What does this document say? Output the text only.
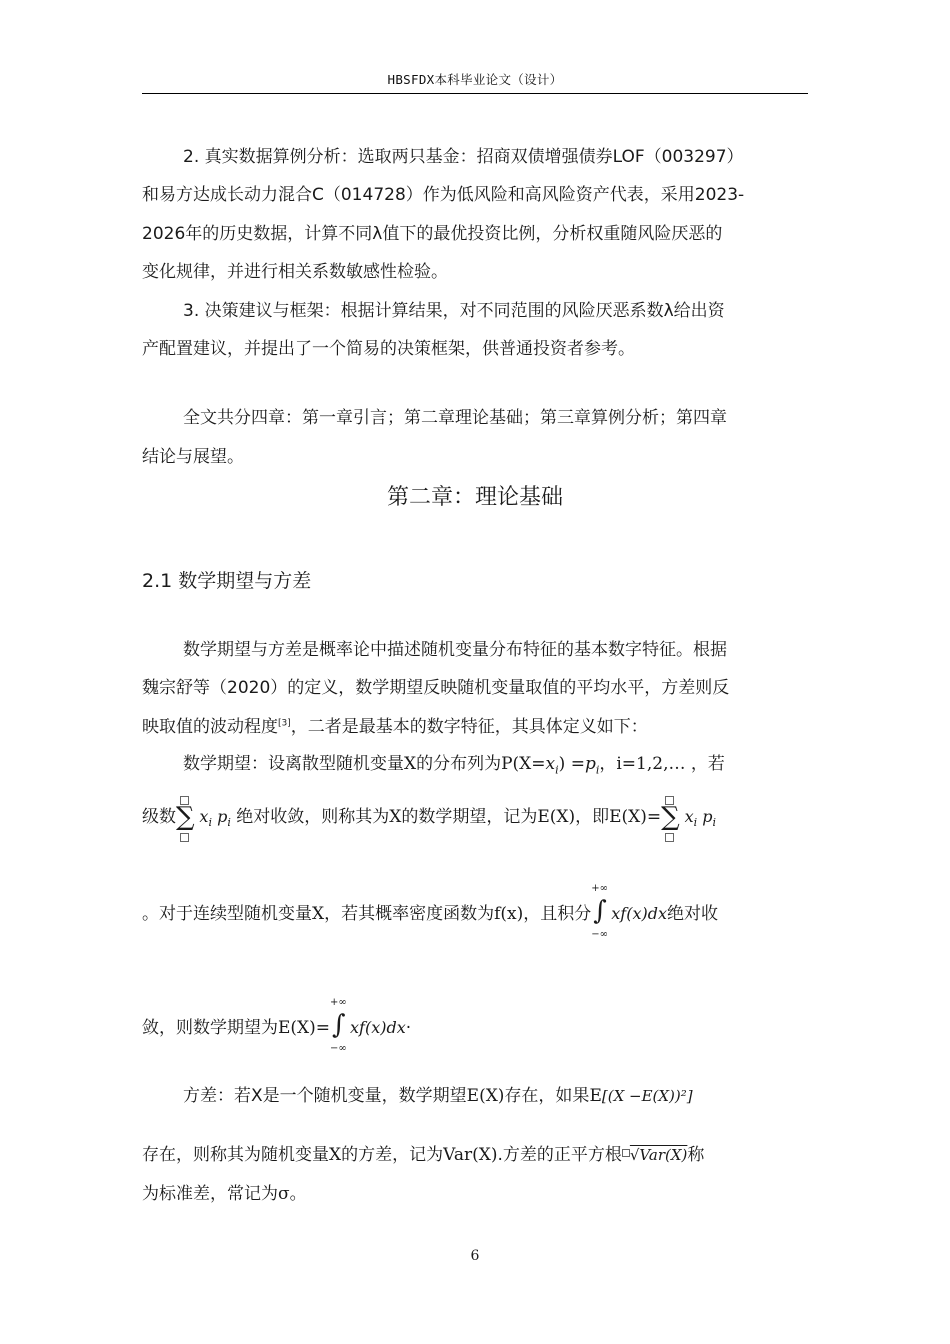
HBSFDX本科毕业论文（设计）
2. 真实数据算例分析：选取两只基金：招商双债增强债券LOF（003297）
和易方达成长动力混合C（014728）作为低风险和高风险资产代表，采用2023-
2026年的历史数据，计算不同λ值下的最优投资比例，分析权重随风险厌恶的
变化规律，并进行相关系数敏感性检验。
3. 决策建议与框架：根据计算结果，对不同范围的风险厌恶系数λ给出资
产配置建议，并提出了一个简易的决策框架，供普通投资者参考。
全文共分四章：第一章引言；第二章理论基础；第三章算例分析；第四章
结论与展望。
第二章：理论基础
2.1 数学期望与方差
数学期望与方差是概率论中描述随机变量分布特征的基本数字特征。根据
魏宗舒等（2020）的定义，数学期望反映随机变量取值的平均水平，方差则反
映取值的波动程度[3]，二者是最基本的数字特征，其具体定义如下：
数学期望：设离散型随机变量X的分布列为$P(X=x_i) =p_i$，i=1,2,… ，若
级数 ∑ $x_i$ $p_i$ 绝对收敛，则称其为X的数学期望，记为E(X)，即E(X)= ∑ $x_i$ $p_i$
。对于连续型随机变量X，若其概率密度函数为f(x)，且积分
+∞
∫
−∞
xf(x)dx绝对收
敛，则数学期望为E(X)=
+∞
∫
−∞
xf(x)dx·
方差：若X是一个随机变量，数学期望E(X)存在，如果E[(X −E(X))²]
存在，则称其为随机变量X的方差，记为Var(X).方差的正平方根 √Var(X)称
为标准差，常记为σ。
6
